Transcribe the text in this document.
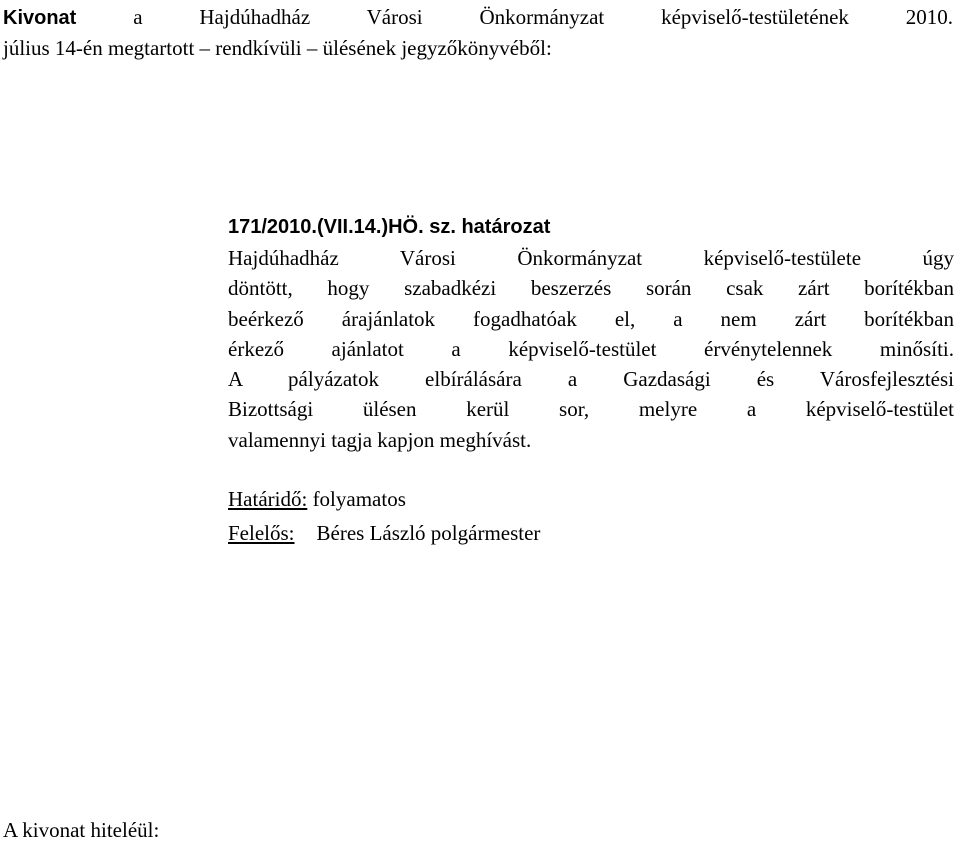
Kivonat a Hajdúhadház Városi Önkormányzat képviselő-testületének 2010.
július 14-én megtartott – rendkívüli – ülésének jegyzőkönyvéből:
171/2010.(VII.14.)HÖ. sz. határozat
Hajdúhadház Városi Önkormányzat képviselő-testülete úgy
döntött, hogy szabadkézi beszerzés során csak zárt borítékban
beérkező árajánlatok fogadhatóak el, a nem zárt borítékban
érkező ajánlatot a képviselő-testület érvénytelennek minősíti.
A pályázatok elbírálására a Gazdasági és Városfejlesztési
Bizottsági ülésen kerül sor, melyre a képviselő-testület
valamennyi tagja kapjon meghívást.
Határidő: folyamatos
Felelős: Béres László polgármester
A kivonat hiteléül:
